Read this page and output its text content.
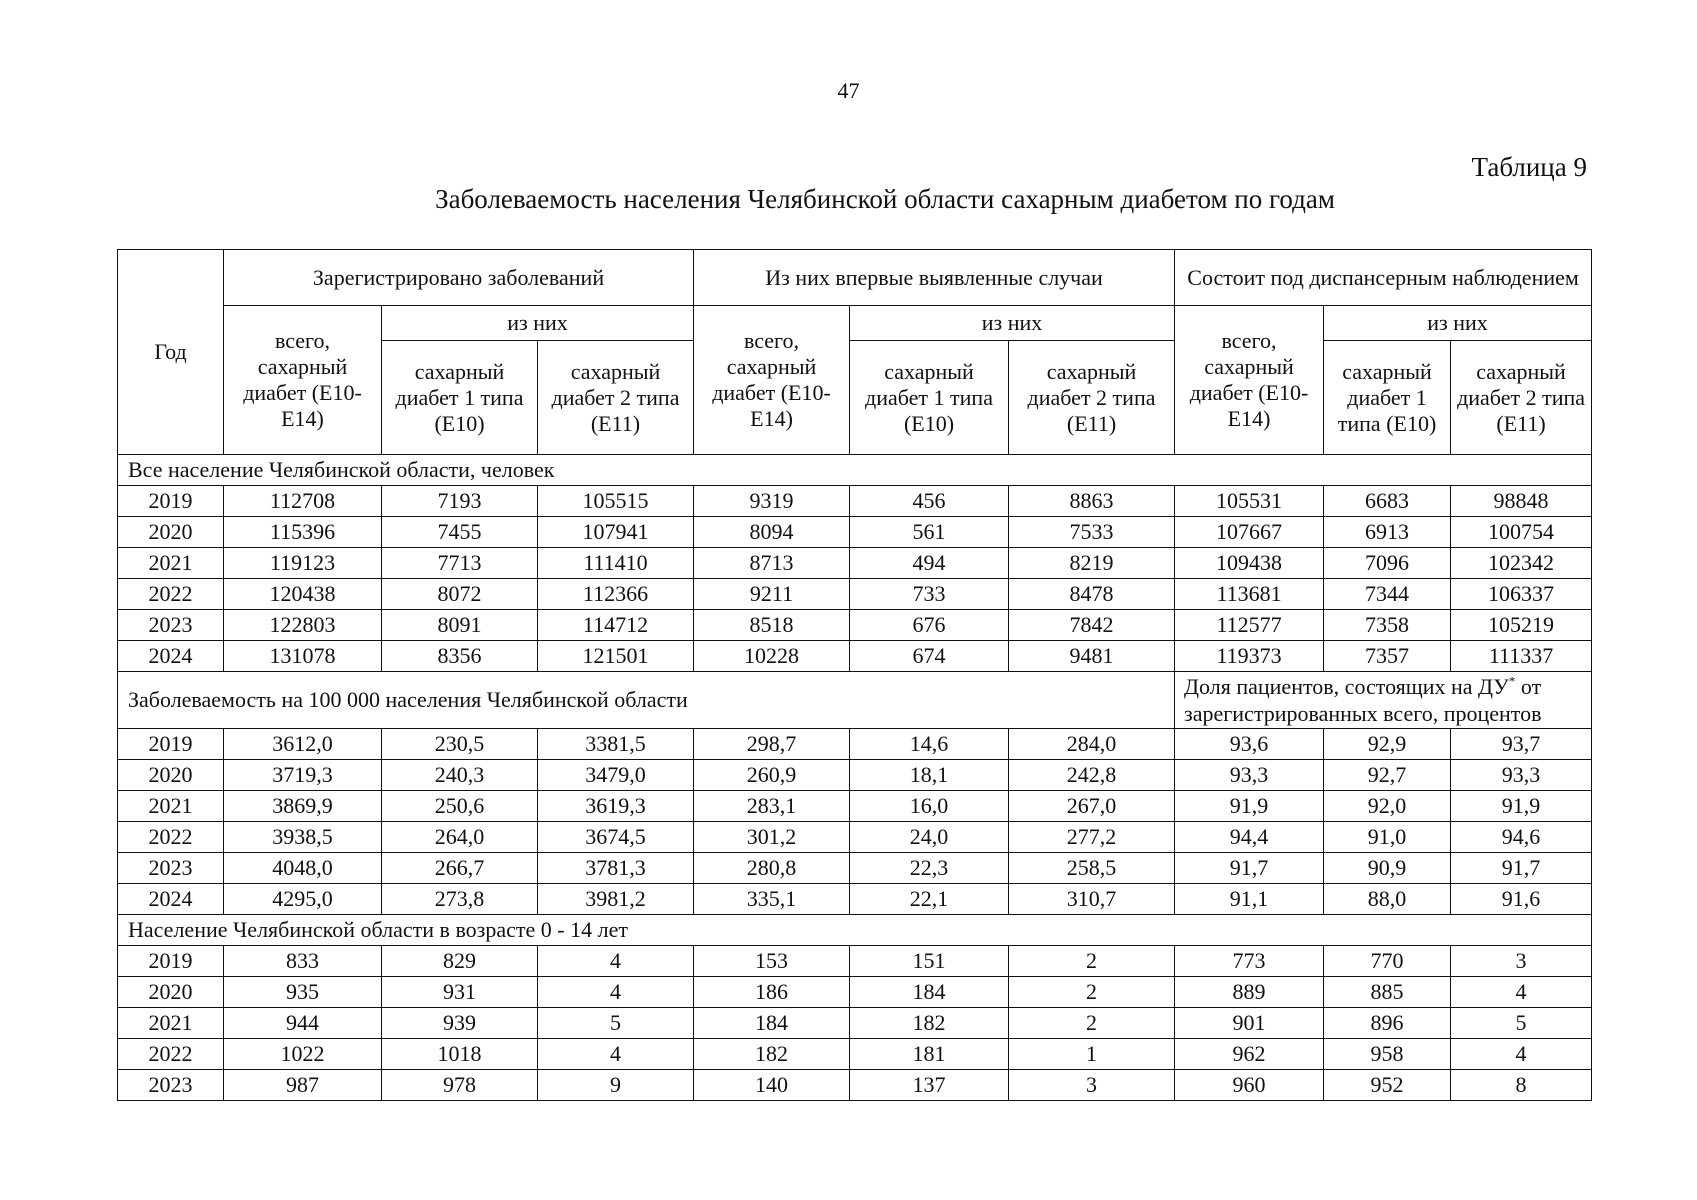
47
Таблица 9
Заболеваемость населения Челябинской области сахарным диабетом по годам
Год	Зарегистрировано заболеваний			Из них впервые выявленные случаи			Состоит под диспансерным наблюдением		
	всего, сахарный диабет (Е10-Е14)	из них		всего, сахарный диабет (Е10-Е14)	из них		всего, сахарный диабет (Е10-Е14)	из них	
		сахарный диабет 1 типа (Е10)	сахарный диабет 2 типа (Е11)		сахарный диабет 1 типа (Е10)	сахарный диабет 2 типа (Е11)		сахарный диабет 1 типа (Е10)	сахарный диабет 2 типа (Е11)
Все население Челябинской области, человек									
2019	112708	7193	105515	9319	456	8863	105531	6683	98848
2020	115396	7455	107941	8094	561	7533	107667	6913	100754
2021	119123	7713	111410	8713	494	8219	109438	7096	102342
2022	120438	8072	112366	9211	733	8478	113681	7344	106337
2023	122803	8091	114712	8518	676	7842	112577	7358	105219
2024	131078	8356	121501	10228	674	9481	119373	7357	111337
Заболеваемость на 100 000 населения Челябинской области							Доля пациентов, состоящих на ДУ* от зарегистрированных всего, процентов		
2019	3612,0	230,5	3381,5	298,7	14,6	284,0	93,6	92,9	93,7
2020	3719,3	240,3	3479,0	260,9	18,1	242,8	93,3	92,7	93,3
2021	3869,9	250,6	3619,3	283,1	16,0	267,0	91,9	92,0	91,9
2022	3938,5	264,0	3674,5	301,2	24,0	277,2	94,4	91,0	94,6
2023	4048,0	266,7	3781,3	280,8	22,3	258,5	91,7	90,9	91,7
2024	4295,0	273,8	3981,2	335,1	22,1	310,7	91,1	88,0	91,6
Население Челябинской области в возрасте 0 - 14 лет									
2019	833	829	4	153	151	2	773	770	3
2020	935	931	4	186	184	2	889	885	4
2021	944	939	5	184	182	2	901	896	5
2022	1022	1018	4	182	181	1	962	958	4
2023	987	978	9	140	137	3	960	952	8
